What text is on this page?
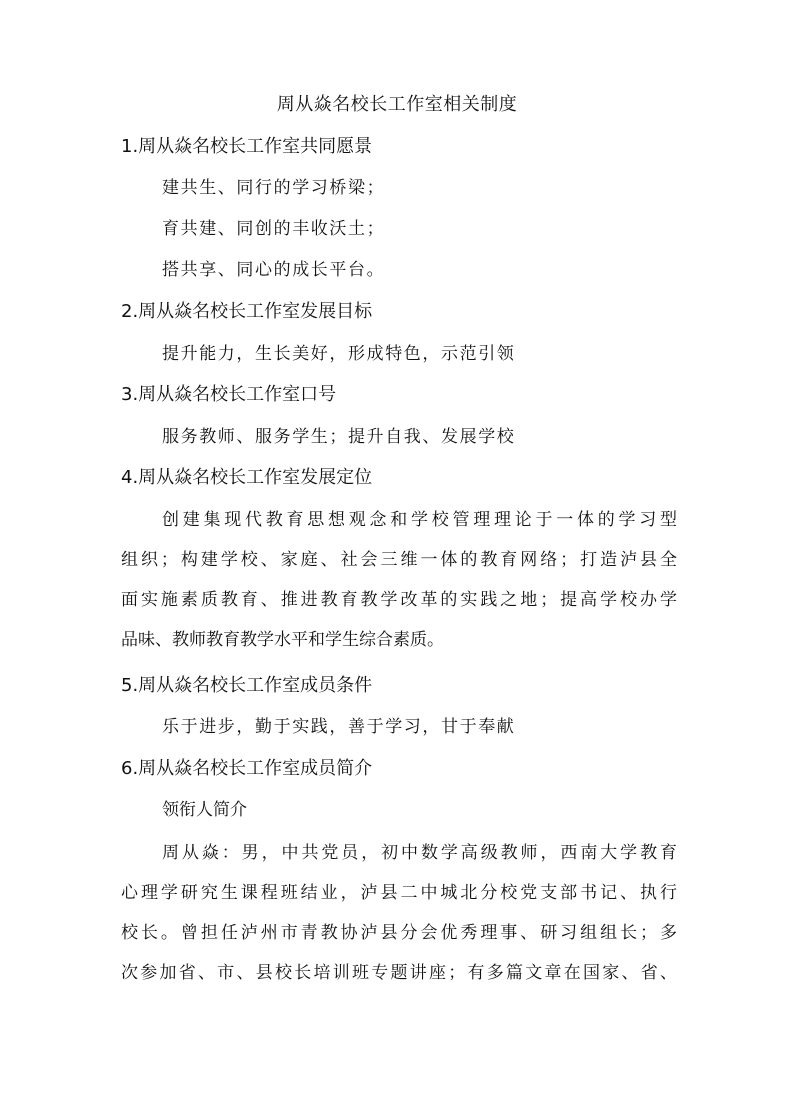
周从焱名校长工作室相关制度
1.周从焱名校长工作室共同愿景

建共生、同行的学习桥梁；

育共建、同创的丰收沃土；

搭共享、同心的成长平台。

2.周从焱名校长工作室发展目标

提升能力，生长美好，形成特色，示范引领

3.周从焱名校长工作室口号

服务教师、服务学生；提升自我、发展学校

4.周从焱名校长工作室发展定位
创建集现代教育思想观念和学校管理理论于一体的学习型
组织；构建学校、家庭、社会三维一体的教育网络；打造泸县全
面实施素质教育、推进教育教学改革的实践之地；提高学校办学
品味、教师教育教学水平和学生综合素质。
5.周从焱名校长工作室成员条件

乐于进步，勤于实践，善于学习，甘于奉献

6.周从焱名校长工作室成员简介

领衔人简介

周从焱：男，中共党员，初中数学高级教师，西南大学教育
心理学研究生课程班结业，泸县二中城北分校党支部书记、执行
校长。曾担任泸州市青教协泸县分会优秀理事、研习组组长；多
次参加省、市、县校长培训班专题讲座；有多篇文章在国家、省、
